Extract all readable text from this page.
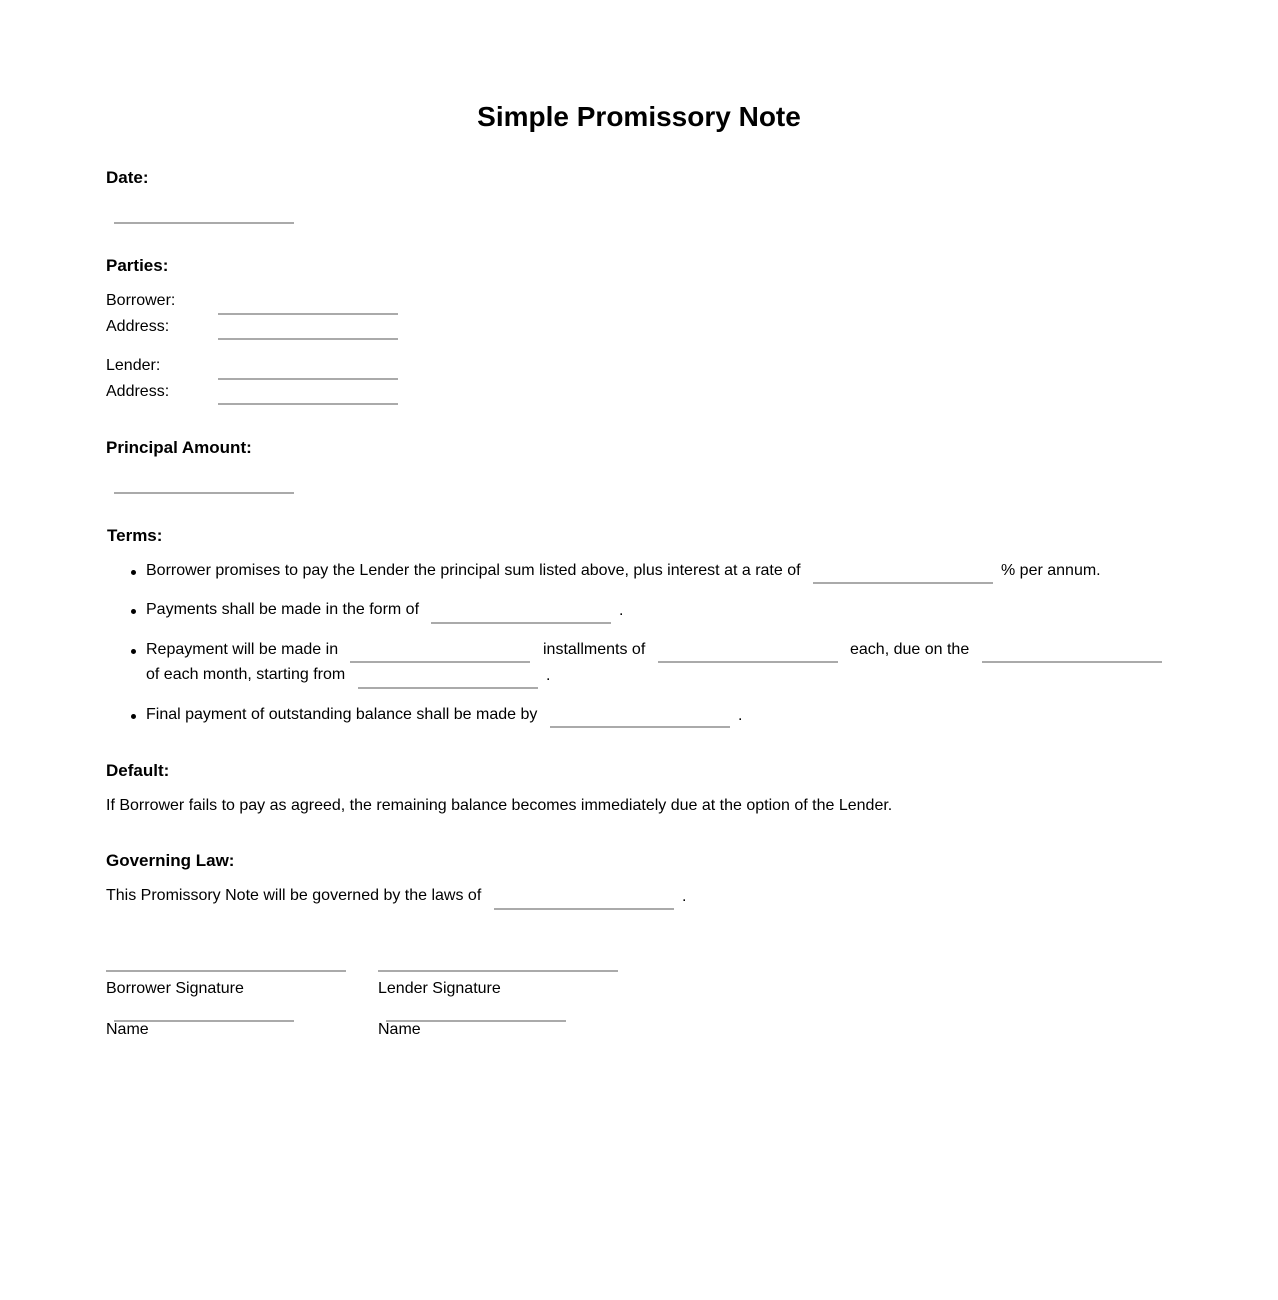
Simple Promissory Note
Date:
Parties:
Borrower:
Address:
Lender:
Address:
Principal Amount:
Terms:
Borrower promises to pay the Lender the principal sum listed above, plus interest at a rate of	% per annum.
Payments shall be made in the form of	.
Repayment will be made in	installments of	each, due on the
of each month, starting from	.
Final payment of outstanding balance shall be made by	.
Default:
If Borrower fails to pay as agreed, the remaining balance becomes immediately due at the option of the Lender.
Governing Law:
This Promissory Note will be governed by the laws of	.
Borrower Signature
Name
Lender Signature
Name
